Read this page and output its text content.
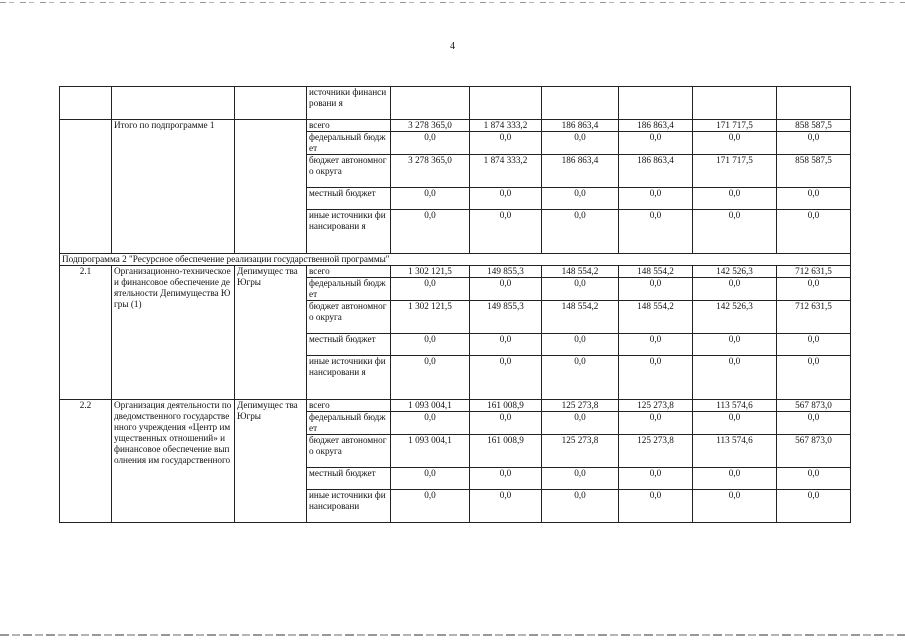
4
			источники финансировани я						
	Итого по подпрограмме 1		всего	3 278 365,0	1 874 333,2	186 863,4	186 863,4	171 717,5	858 587,5
			федеральный бюджет	0,0	0,0	0,0	0,0	0,0	0,0
			бюджет автономного округа	3 278 365,0	1 874 333,2	186 863,4	186 863,4	171 717,5	858 587,5
			местный бюджет	0,0	0,0	0,0	0,0	0,0	0,0
			иные источники финансировани я	0,0	0,0	0,0	0,0	0,0	0,0
Подпрограмма 2 "Ресурсное обеспечение реализации государственной программы"									
2.1	Организационно-техническое и финансовое обеспечение деятельности Депимущества Югры (1)	Депимущес тва Югры	всего	1 302 121,5	149 855,3	148 554,2	148 554,2	142 526,3	712 631,5
			федеральный бюджет	0,0	0,0	0,0	0,0	0,0	0,0
			бюджет автономного округа	1 302 121,5	149 855,3	148 554,2	148 554,2	142 526,3	712 631,5
			местный бюджет	0,0	0,0	0,0	0,0	0,0	0,0
			иные источники финансировани я	0,0	0,0	0,0	0,0	0,0	0,0
2.2	Организация деятельности подведомственного государственного учреждения «Центр имущественных отношений» и финансовое обеспечение выполнения им государственного	Депимущес тва Югры	всего	1 093 004,1	161 008,9	125 273,8	125 273,8	113 574,6	567 873,0
			федеральный бюджет	0,0	0,0	0,0	0,0	0,0	0,0
			бюджет автономного округа	1 093 004,1	161 008,9	125 273,8	125 273,8	113 574,6	567 873,0
			местный бюджет	0,0	0,0	0,0	0,0	0,0	0,0
			иные источники финансировани	0,0	0,0	0,0	0,0	0,0	0,0
